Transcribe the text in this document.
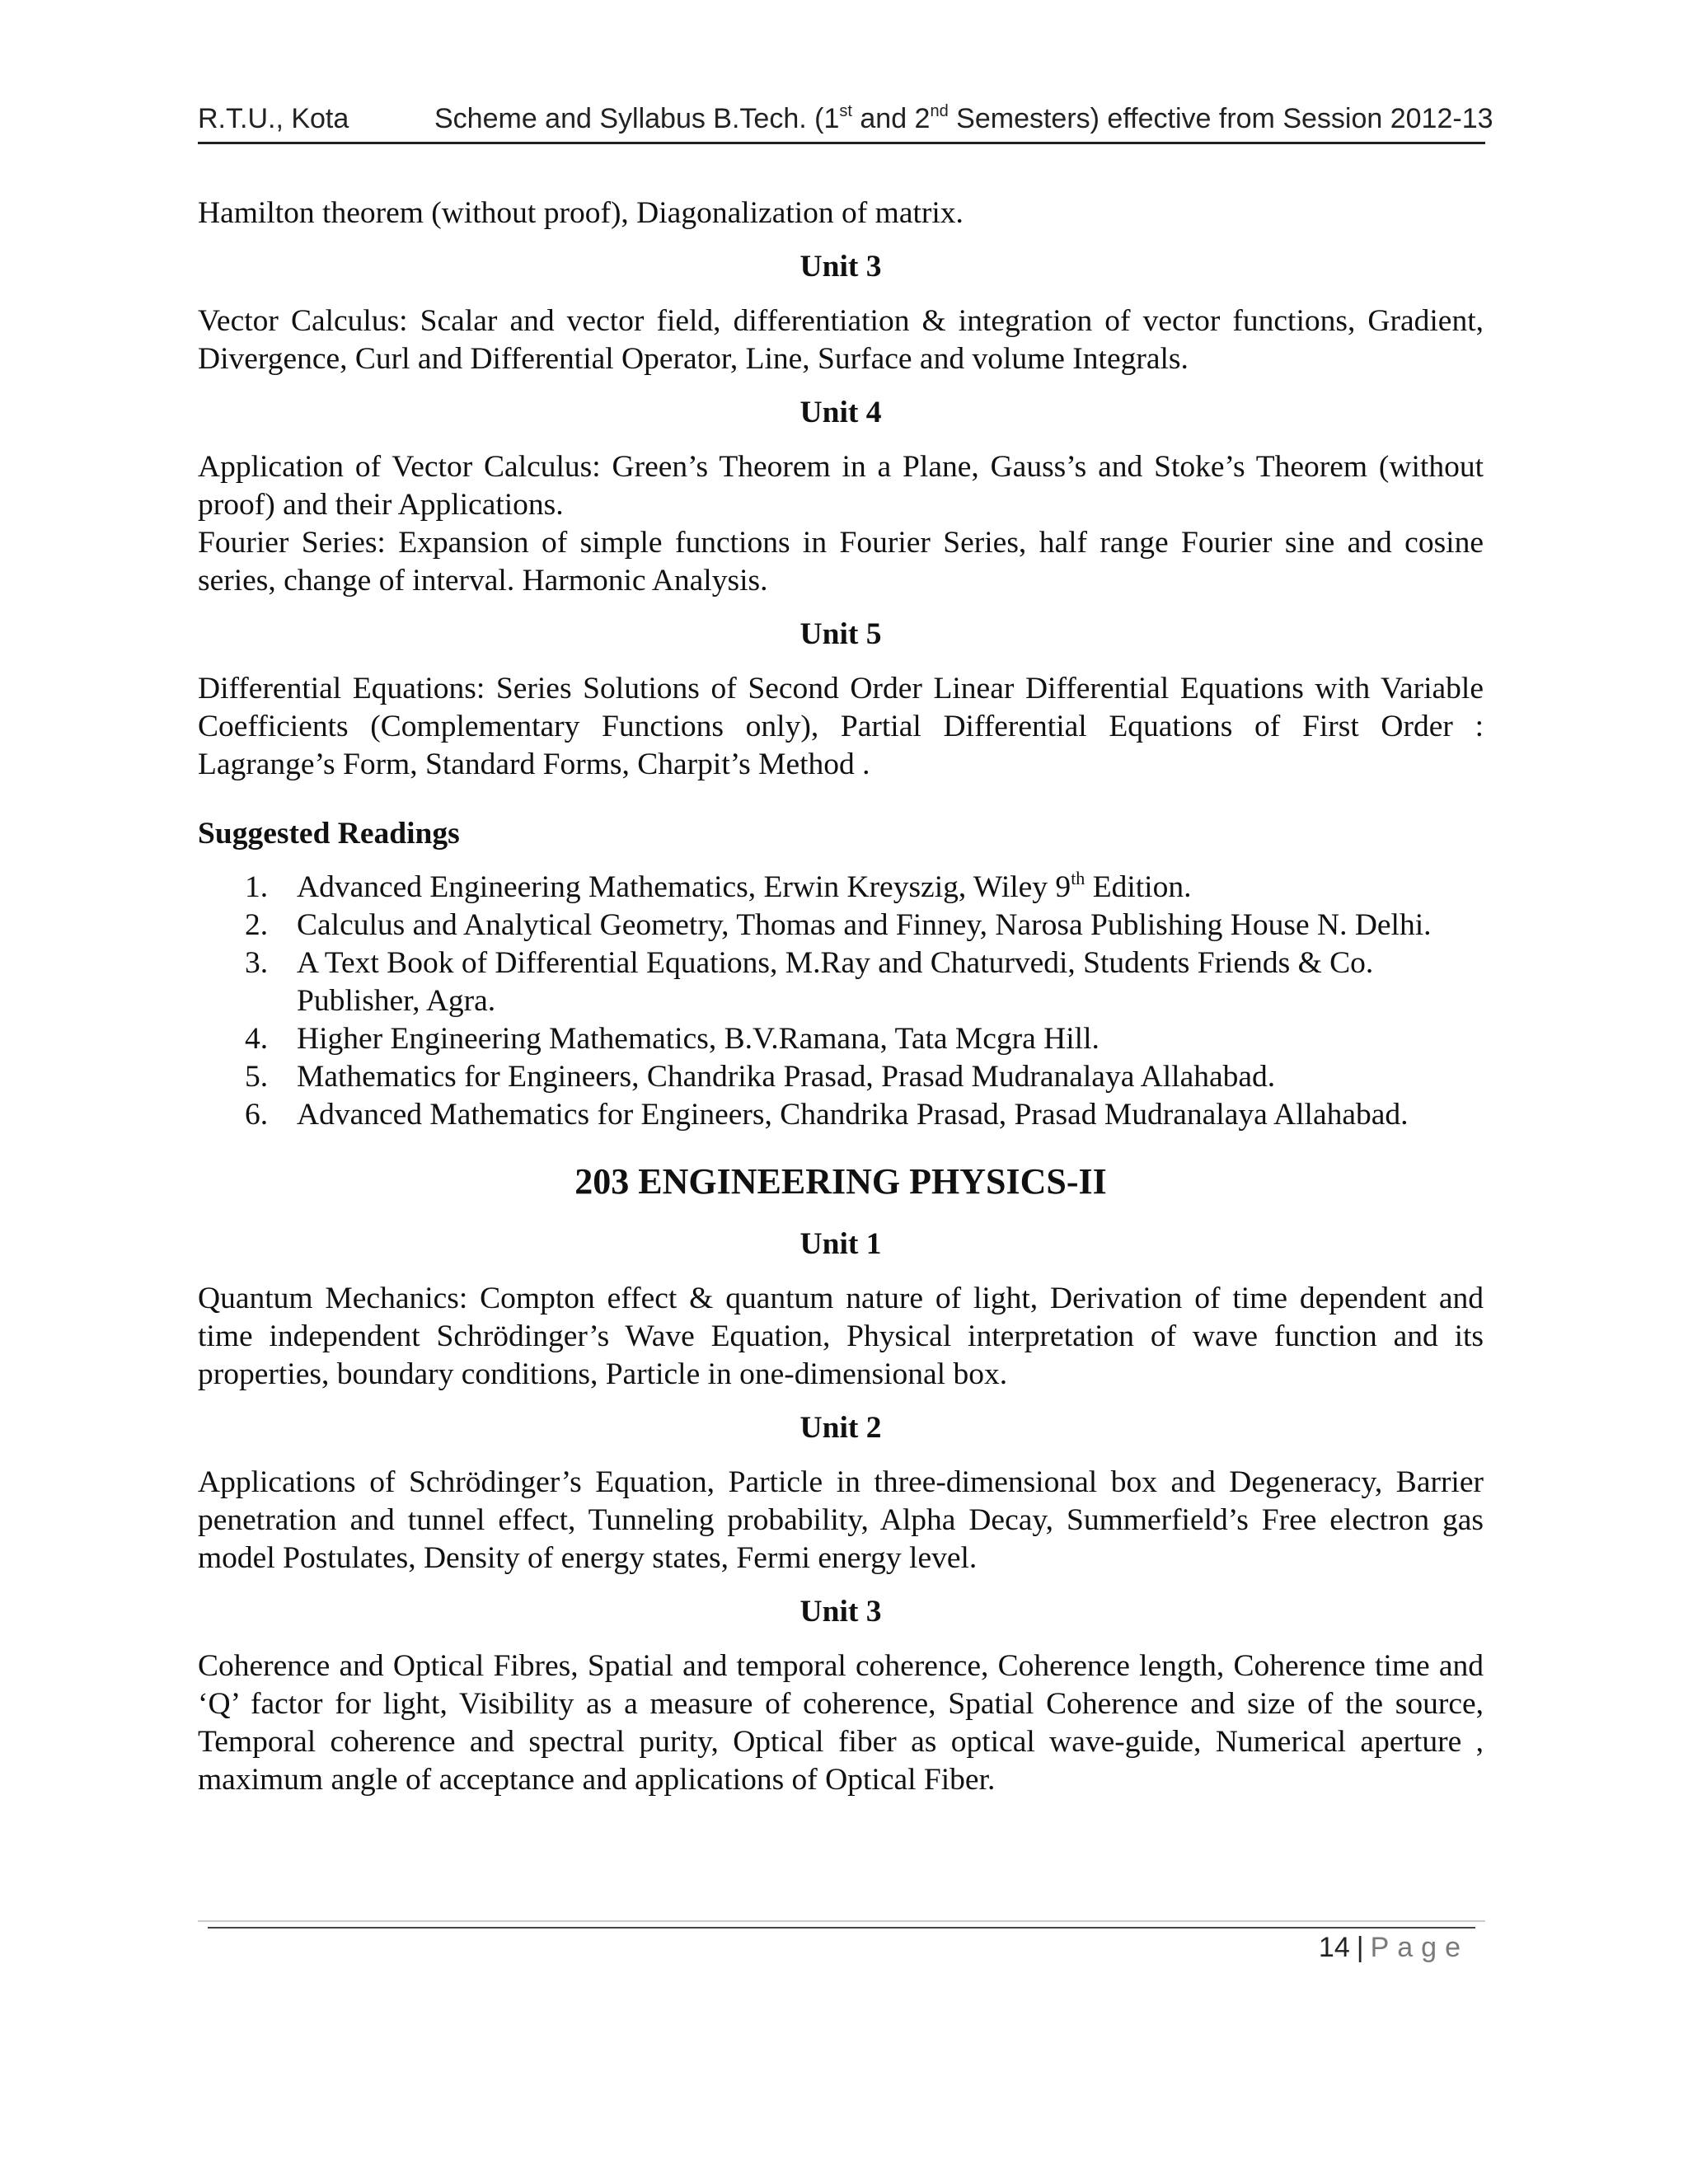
R.T.U., Kota	Scheme and Syllabus B.Tech. (1st and 2nd Semesters) effective from Session 2012-13

Hamilton theorem (without proof), Diagonalization of matrix.

Unit 3

Vector Calculus: Scalar and vector field, differentiation & integration of vector functions, Gradient, Divergence, Curl and Differential Operator, Line, Surface and volume Integrals.

Unit 4

Application of Vector Calculus: Green’s Theorem in a Plane, Gauss’s and Stoke’s Theorem (without proof) and their Applications.

Fourier Series: Expansion of simple functions in Fourier Series, half range Fourier sine and cosine series, change of interval. Harmonic Analysis.

Unit 5

Differential Equations: Series Solutions of Second Order Linear Differential Equations with Variable Coefficients (Complementary Functions only), Partial Differential Equations of First Order : Lagrange’s Form, Standard Forms, Charpit’s Method .

Suggested Readings

1. Advanced Engineering Mathematics, Erwin Kreyszig, Wiley 9th Edition.
2. Calculus and Analytical Geometry, Thomas and Finney, Narosa Publishing House N. Delhi.
3. A Text Book of Differential Equations, M.Ray and Chaturvedi, Students Friends & Co. Publisher, Agra.
4. Higher Engineering Mathematics, B.V.Ramana, Tata Mcgra Hill.
5. Mathematics for Engineers, Chandrika Prasad, Prasad Mudranalaya Allahabad.
6. Advanced Mathematics for Engineers, Chandrika Prasad, Prasad Mudranalaya Allahabad.

203 ENGINEERING PHYSICS-II

Unit 1

Quantum Mechanics: Compton effect & quantum nature of light, Derivation of time dependent and time independent Schrödinger’s Wave Equation, Physical interpretation of wave function and its properties, boundary conditions, Particle in one-dimensional box.

Unit 2

Applications of Schrödinger’s Equation, Particle in three-dimensional box and Degeneracy, Barrier penetration and tunnel effect, Tunneling probability, Alpha Decay, Summerfield’s Free electron gas model Postulates, Density of energy states, Fermi energy level.

Unit 3

Coherence and Optical Fibres, Spatial and temporal coherence, Coherence length, Coherence time and ‘Q’ factor for light, Visibility as a measure of coherence, Spatial Coherence and size of the source, Temporal coherence and spectral purity, Optical fiber as optical wave-guide, Numerical aperture , maximum angle of acceptance and applications of Optical Fiber.

14 | Page
